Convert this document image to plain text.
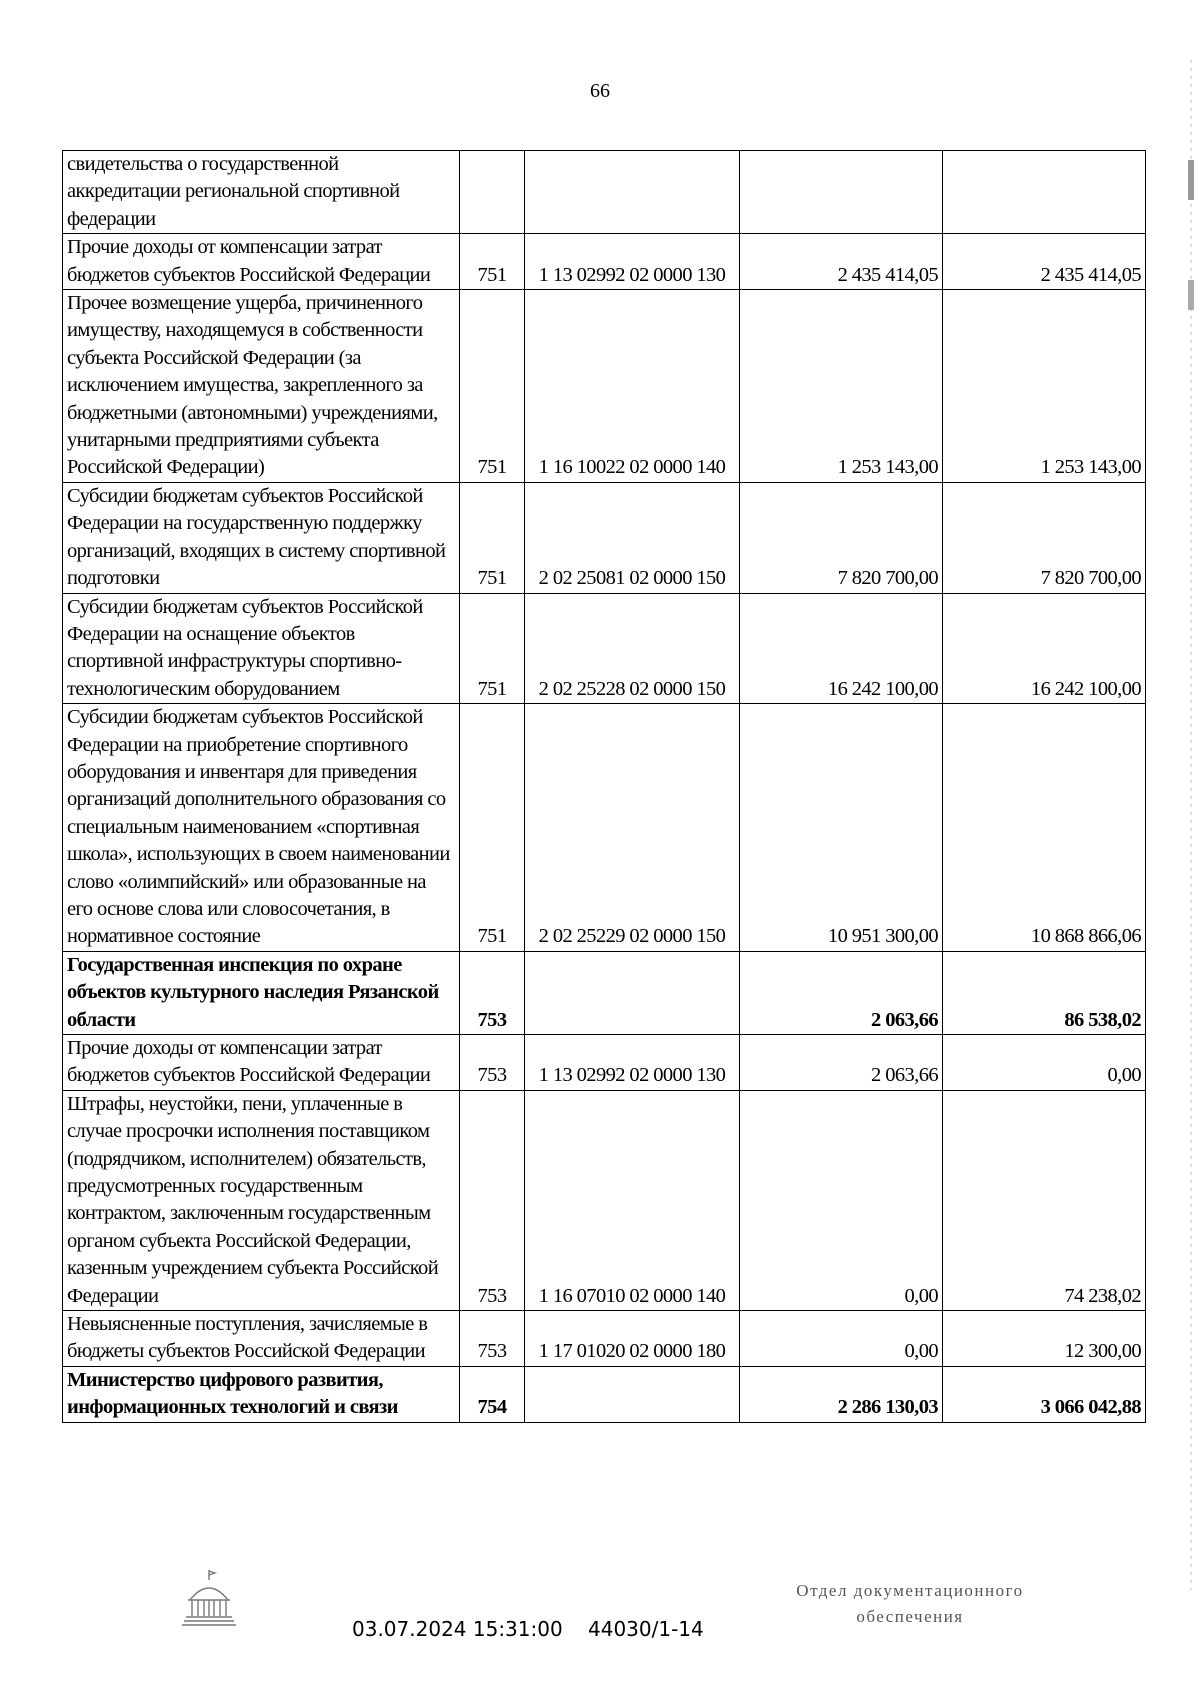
66
свидетельства о государственной аккредитации региональной спортивной федерации				
Прочие доходы от компенсации затрат бюджетов субъектов Российской Федерации	751	1 13 02992 02 0000 130	2 435 414,05	2 435 414,05
Прочее возмещение ущерба, причиненного имуществу, находящемуся в собственности субъекта Российской Федерации (за исключением имущества, закрепленного за бюджетными (автономными) учреждениями, унитарными предприятиями субъекта Российской Федерации)	751	1 16 10022 02 0000 140	1 253 143,00	1 253 143,00
Субсидии бюджетам субъектов Российской Федерации на государственную поддержку организаций, входящих в систему спортивной подготовки	751	2 02 25081 02 0000 150	7 820 700,00	7 820 700,00
Субсидии бюджетам субъектов Российской Федерации на оснащение объектов спортивной инфраструктуры спортивно-технологическим оборудованием	751	2 02 25228 02 0000 150	16 242 100,00	16 242 100,00
Субсидии бюджетам субъектов Российской Федерации на приобретение спортивного оборудования и инвентаря для приведения организаций дополнительного образования со специальным наименованием «спортивная школа», использующих в своем наименовании слово «олимпийский» или образованные на его основе слова или словосочетания, в нормативное состояние	751	2 02 25229 02 0000 150	10 951 300,00	10 868 866,06
Государственная инспекция по охране объектов культурного наследия Рязанской области	753		2 063,66	86 538,02
Прочие доходы от компенсации затрат бюджетов субъектов Российской Федерации	753	1 13 02992 02 0000 130	2 063,66	0,00
Штрафы, неустойки, пени, уплаченные в случае просрочки исполнения поставщиком (подрядчиком, исполнителем) обязательств, предусмотренных государственным контрактом, заключенным государственным органом субъекта Российской Федерации, казенным учреждением субъекта Российской Федерации	753	1 16 07010 02 0000 140	0,00	74 238,02
Невыясненные поступления, зачисляемые в бюджеты субъектов Российской Федерации	753	1 17 01020 02 0000 180	0,00	12 300,00
Министерство цифрового развития, информационных технологий и связи	754		2 286 130,03	3 066 042,88
03.07.2024 15:31:00 44030/1-14
Отдел документационного
обеспечения
